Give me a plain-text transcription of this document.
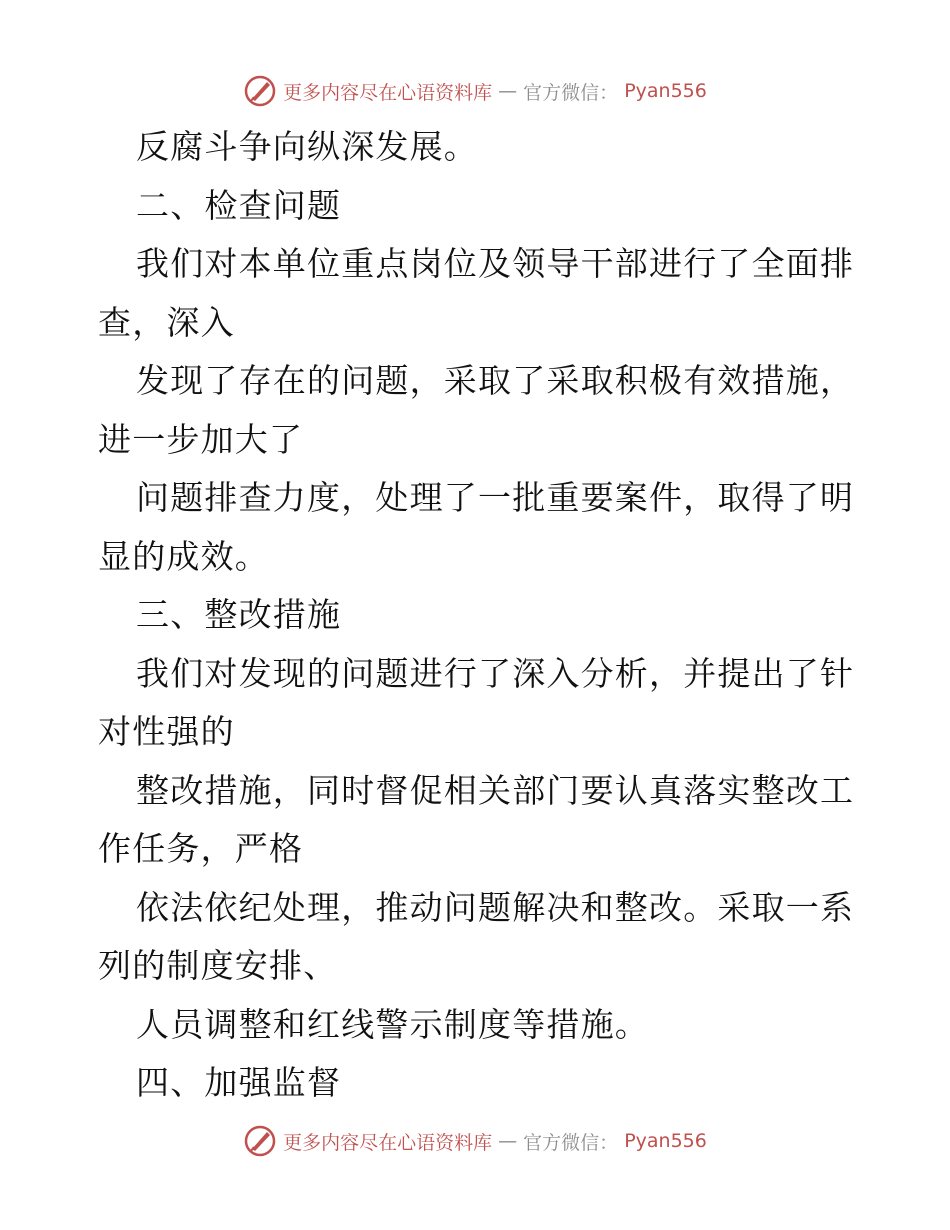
更多内容尽在心语资料库 — 官方微信： Pyan556
反腐斗争向纵深发展。
二、检查问题
我们对本单位重点岗位及领导干部进行了全面排
查，深入
发现了存在的问题，采取了采取积极有效措施，
进一步加大了
问题排查力度，处理了一批重要案件，取得了明
显的成效。
三、整改措施
我们对发现的问题进行了深入分析，并提出了针
对性强的
整改措施，同时督促相关部门要认真落实整改工
作任务，严格
依法依纪处理，推动问题解决和整改。采取一系
列的制度安排、
人员调整和红线警示制度等措施。
四、加强监督
更多内容尽在心语资料库 — 官方微信： Pyan556
